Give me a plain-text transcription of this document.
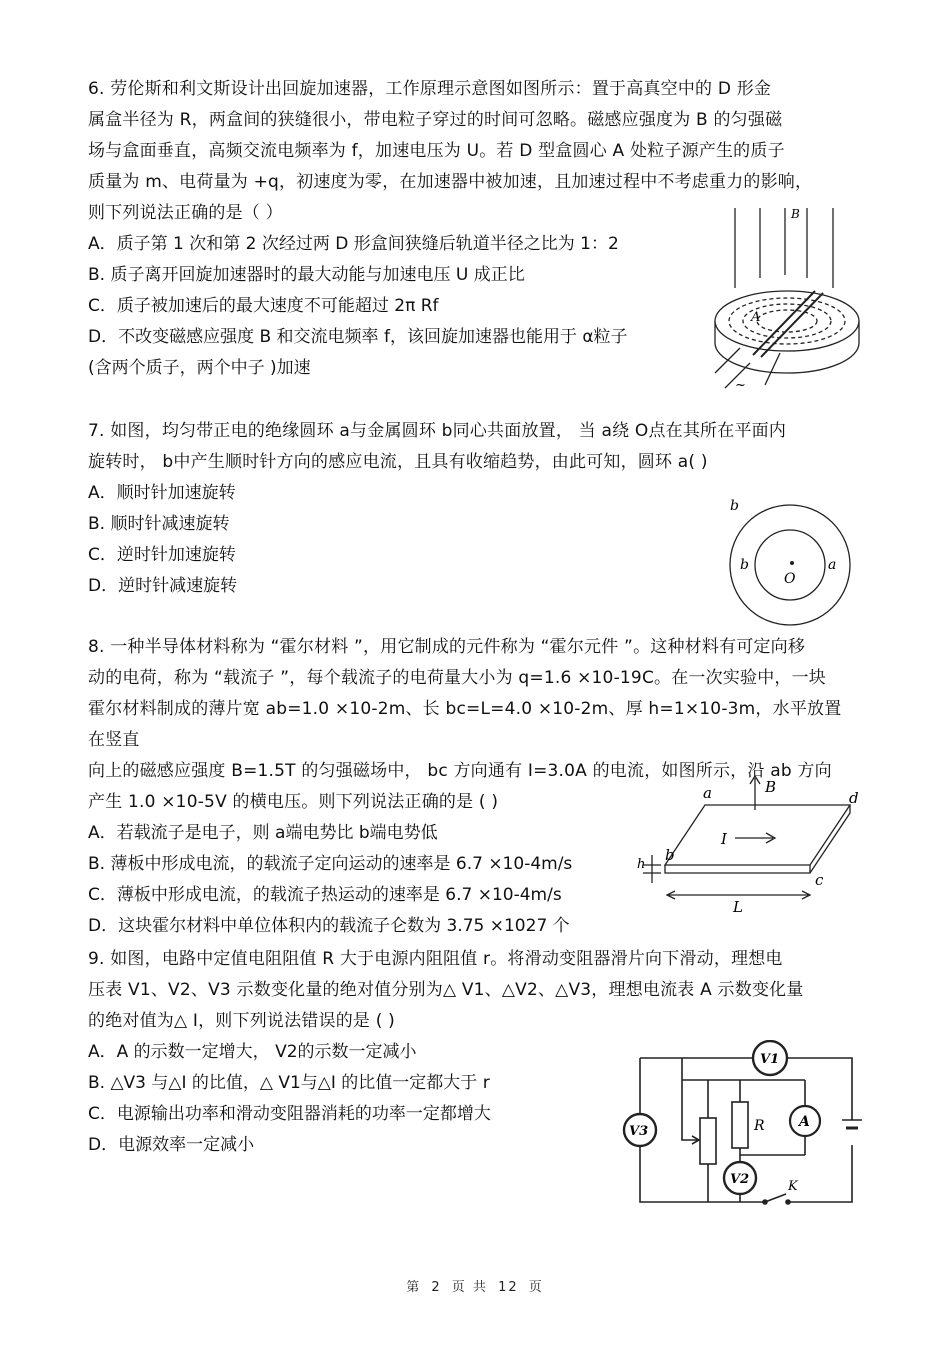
6. 劳伦斯和利文斯设计出回旋加速器，工作原理示意图如图所示：置于高真空中的 D 形金
属盒半径为 R，两盒间的狭缝很小，带电粒子穿过的时间可忽略。磁感应强度为 B 的匀强磁
场与盒面垂直，高频交流电频率为 f，加速电压为 U。若 D 型盒圆心 A 处粒子源产生的质子
质量为 m、电荷量为 +q，初速度为零，在加速器中被加速，且加速过程中不考虑重力的影响，
则下列说法正确的是（ ）
A．质子第 1 次和第 2 次经过两 D 形盒间狭缝后轨道半径之比为 1：2
B. 质子离开回旋加速器时的最大动能与加速电压 U 成正比
C．质子被加速后的最大速度不可能超过 2π Rf
D．不改变磁感应强度 B 和交流电频率 f，该回旋加速器也能用于 α粒子
(含两个质子，两个中子 )加速
B
A
~
7. 如图，均匀带正电的绝缘圆环 a与金属圆环 b同心共面放置， 当 a绕 O点在其所在平面内
旋转时， b中产生顺时针方向的感应电流，且具有收缩趋势，由此可知，圆环 a( )
A．顺时针加速旋转
B. 顺时针减速旋转
C．逆时针加速旋转
D．逆时针减速旋转
b
b
O
a
8. 一种半导体材料称为 “霍尔材料 ”，用它制成的元件称为 “霍尔元件 ”。这种材料有可定向移
动的电荷，称为 “载流子 ”，每个载流子的电荷量大小为 q=1.6 ×10-19C。在一次实验中，一块
霍尔材料制成的薄片宽 ab=1.0 ×10-2m、长 bc=L=4.0 ×10-2m、厚 h=1×10-3m，水平放置在竖直
向上的磁感应强度 B=1.5T 的匀强磁场中， bc 方向通有 I=3.0A 的电流，如图所示，沿 ab 方向
产生 1.0 ×10-5V 的横电压。则下列说法正确的是 ( )
A．若载流子是电子，则 a端电势比 b端电势低
B. 薄板中形成电流，的载流子定向运动的速率是 6.7 ×10-4m/s
C．薄板中形成电流，的载流子热运动的速率是 6.7 ×10-4m/s
D．这块霍尔材料中单位体积内的载流子仑数为 3.75 ×1027 个
a	B
d
b
I
c
h
L
9. 如图，电路中定值电阻阻值 R 大于电源内阻阻值 r。将滑动变阻器滑片向下滑动，理想电
压表 V1、V2、V3 示数变化量的绝对值分别为△ V1、△V2、△V3，理想电流表 A 示数变化量
的绝对值为△ I，则下列说法错误的是 ( )
A．A 的示数一定增大， V2的示数一定减小
B. △V3 与△I 的比值，△ V1与△I 的比值一定都大于 r
C．电源输出功率和滑动变阻器消耗的功率一定都增大
D．电源效率一定减小
V1
V3
V2
A
R
K
第 2 页 共 12 页
